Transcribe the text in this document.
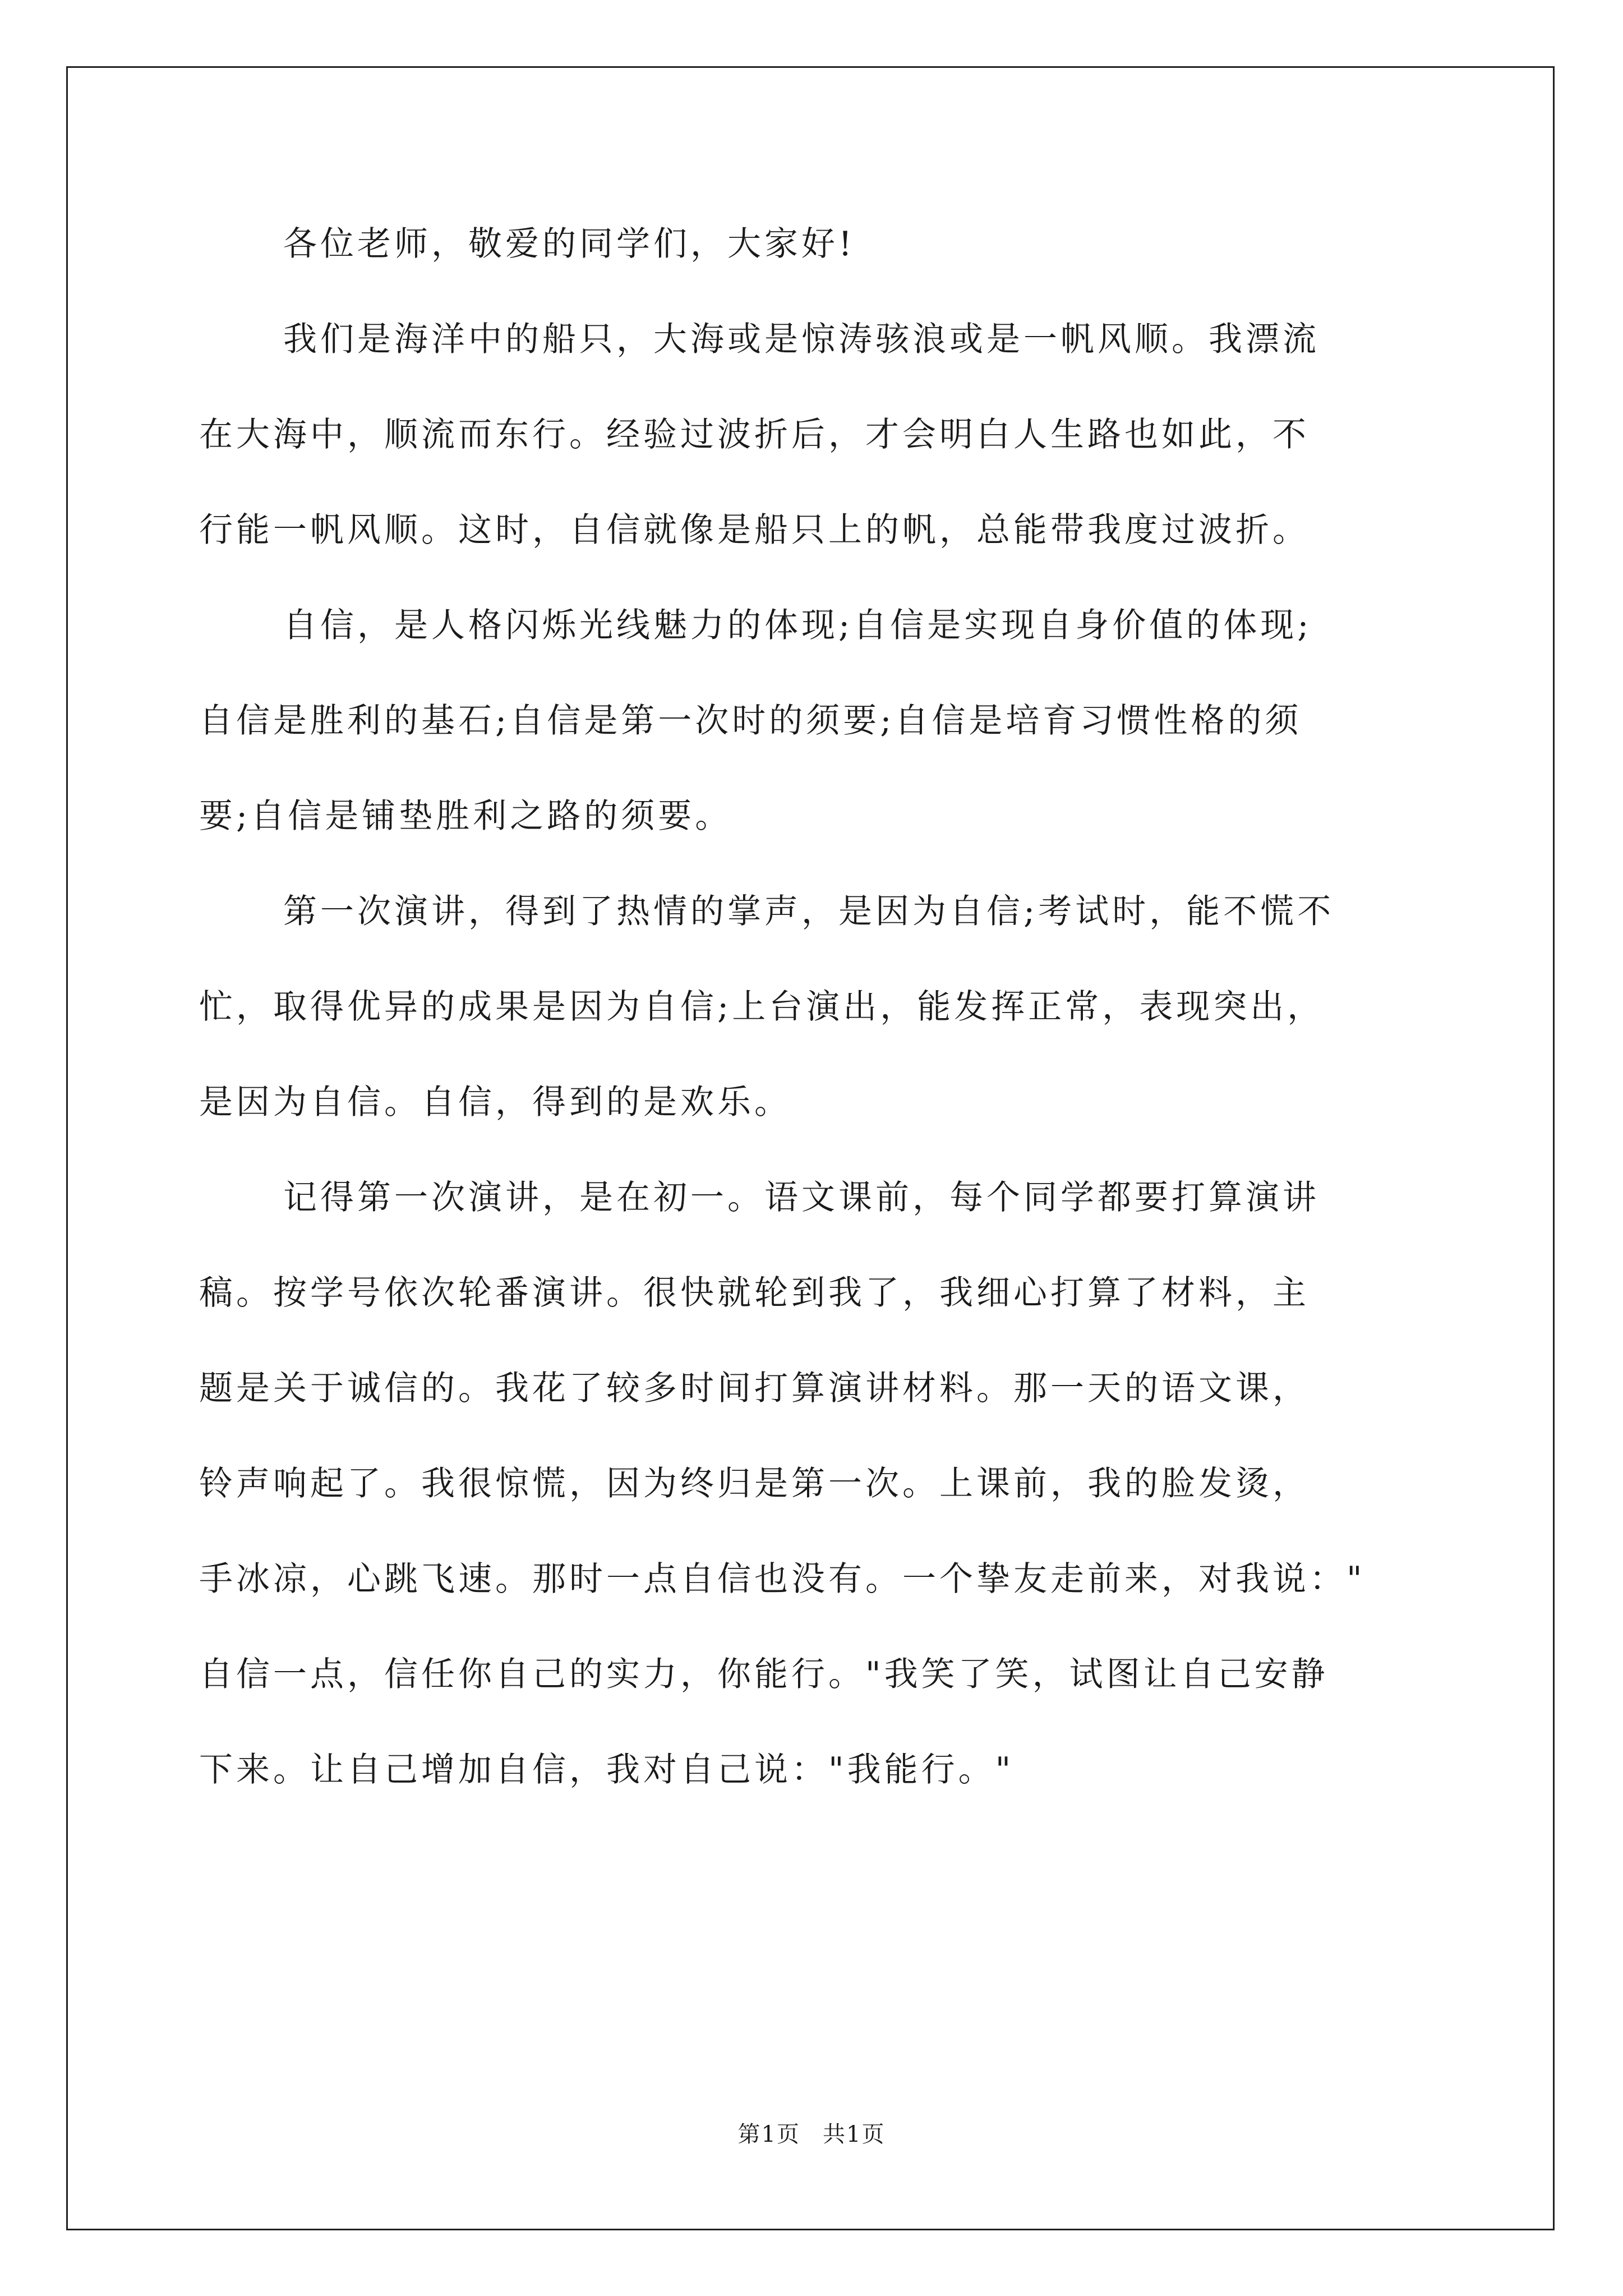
各位老师，敬爱的同学们，大家好!
我们是海洋中的船只，大海或是惊涛骇浪或是一帆风顺。我漂流
在大海中，顺流而东行。经验过波折后，才会明白人生路也如此，不
行能一帆风顺。这时，自信就像是船只上的帆，总能带我度过波折。
自信，是人格闪烁光线魅力的体现;自信是实现自身价值的体现;
自信是胜利的基石;自信是第一次时的须要;自信是培育习惯性格的须
要;自信是铺垫胜利之路的须要。
第一次演讲，得到了热情的掌声，是因为自信;考试时，能不慌不
忙，取得优异的成果是因为自信;上台演出，能发挥正常，表现突出，
是因为自信。自信，得到的是欢乐。
记得第一次演讲，是在初一。语文课前，每个同学都要打算演讲
稿。按学号依次轮番演讲。很快就轮到我了，我细心打算了材料，主
题是关于诚信的。我花了较多时间打算演讲材料。那一天的语文课，
铃声响起了。我很惊慌，因为终归是第一次。上课前，我的脸发烫，
手冰凉，心跳飞速。那时一点自信也没有。一个挚友走前来，对我说："
自信一点，信任你自己的实力，你能行。"我笑了笑，试图让自己安静
下来。让自己增加自信，我对自己说："我能行。"
第1页 共1页
